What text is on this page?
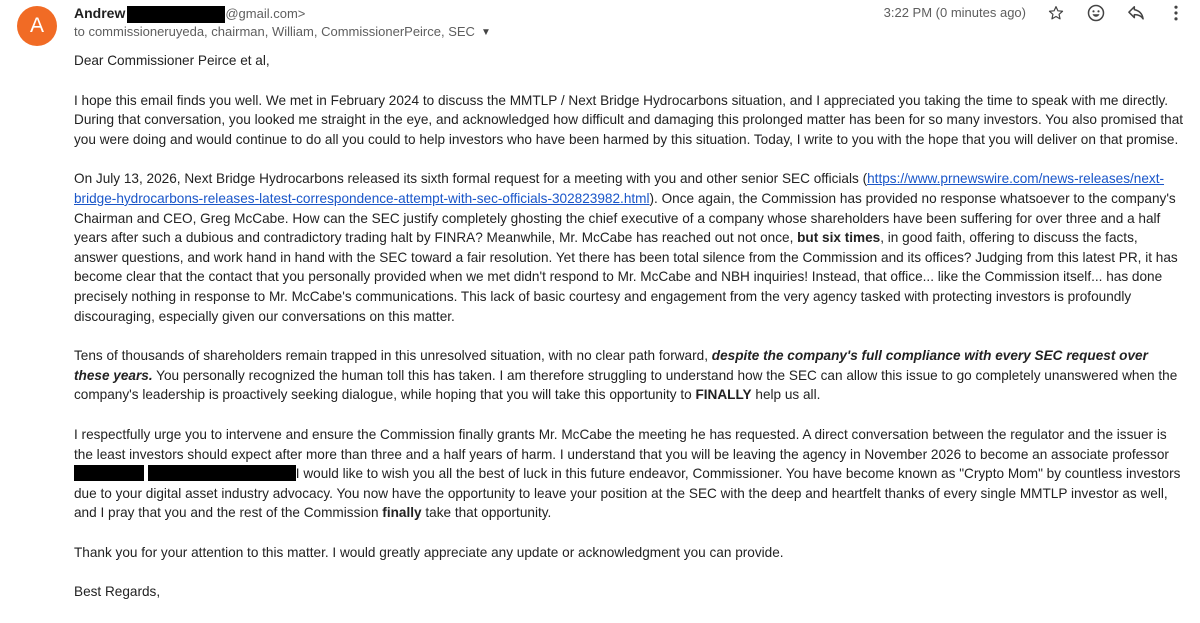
A
Andrew	@gmail.com>
to commissioneruyeda, chairman, William, CommissionerPeirce, SEC ▼
3:22 PM (0 minutes ago)

Dear Commissioner Peirce et al,

I hope this email finds you well. We met in February 2024 to discuss the MMTLP / Next Bridge Hydrocarbons situation, and I appreciated you taking the time to speak with me directly. During that conversation, you looked me straight in the eye, and acknowledged how difficult and damaging this prolonged matter has been for so many investors. You also promised that you were doing and would continue to do all you could to help investors who have been harmed by this situation. Today, I write to you with the hope that you will deliver on that promise.

On July 13, 2026, Next Bridge Hydrocarbons released its sixth formal request for a meeting with you and other senior SEC officials (https://www.prnewswire.com/news-releases/next-bridge-hydrocarbons-releases-latest-correspondence-attempt-with-sec-officials-302823982.html). Once again, the Commission has provided no response whatsoever to the company's Chairman and CEO, Greg McCabe. How can the SEC justify completely ghosting the chief executive of a company whose shareholders have been suffering for over three and a half years after such a dubious and contradictory trading halt by FINRA? Meanwhile, Mr. McCabe has reached out not once, but six times, in good faith, offering to discuss the facts, answer questions, and work hand in hand with the SEC toward a fair resolution. Yet there has been total silence from the Commission and its offices? Judging from this latest PR, it has become clear that the contact that you personally provided when we met didn't respond to Mr. McCabe and NBH inquiries! Instead, that office... like the Commission itself... has done precisely nothing in response to Mr. McCabe's communications. This lack of basic courtesy and engagement from the very agency tasked with protecting investors is profoundly discouraging, especially given our conversations on this matter.

Tens of thousands of shareholders remain trapped in this unresolved situation, with no clear path forward, despite the company's full compliance with every SEC request over these years. You personally recognized the human toll this has taken. I am therefore struggling to understand how the SEC can allow this issue to go completely unanswered when the company's leadership is proactively seeking dialogue, while hoping that you will take this opportunity to FINALLY help us all.

I respectfully urge you to intervene and ensure the Commission finally grants Mr. McCabe the meeting he has requested. A direct conversation between the regulator and the issuer is the least investors should expect after more than three and a half years of harm. I understand that you will be leaving the agency in November 2026 to become an associate professor  I would like to wish you all the best of luck in this future endeavor, Commissioner. You have become known as "Crypto Mom" by countless investors due to your digital asset industry advocacy. You now have the opportunity to leave your position at the SEC with the deep and heartfelt thanks of every single MMTLP investor as well, and I pray that you and the rest of the Commission finally take that opportunity.

Thank you for your attention to this matter. I would greatly appreciate any update or acknowledgment you can provide.

Best Regards,
